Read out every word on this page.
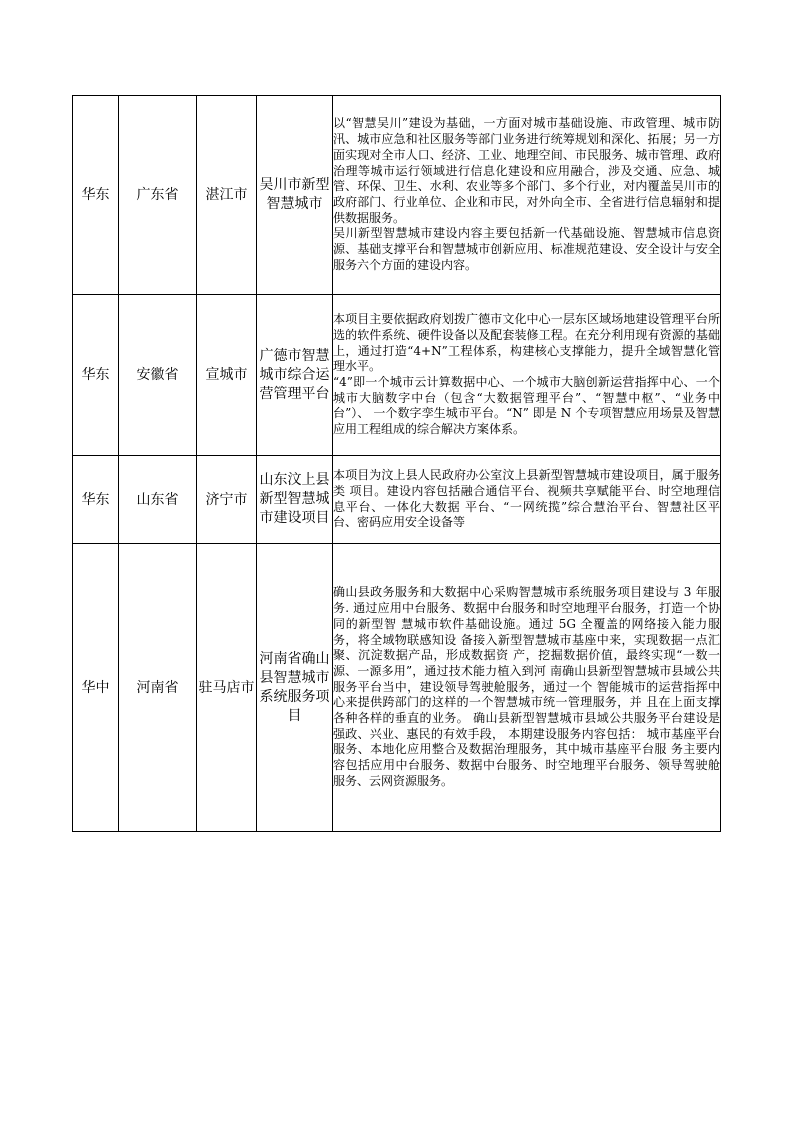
华东	广东省	湛江市	吴川市新型智慧城市	以“智慧吴川”建设为基础，一方面对城市基础设施、市政管理、城市防汛、城市应急和社区服务等部门业务进行统筹规划和深化、拓展；另一方面实现对全市人口、经济、工业、地理空间、市民服务、城市管理、政府治理等城市运行领域进行信息化建设和应用融合，涉及交通、应急、城管、环保、卫生、水利、农业等多个部门、多个行业，对内覆盖吴川市的政府部门、行业单位、企业和市民，对外向全市、全省进行信息辐射和提供数据服务。
吴川新型智慧城市建设内容主要包括新一代基础设施、智慧城市信息资源、基础支撑平台和智慧城市创新应用、标准规范建设、安全设计与安全服务六个方面的建设内容。
华东	安徽省	宣城市	广德市智慧城市综合运营管理平台	本项目主要依据政府划拨广德市文化中心一层东区域场地建设管理平台所选的软件系统、硬件设备以及配套装修工程。在充分利用现有资源的基础上，通过打造“4+N”工程体系，构建核心支撑能力，提升全域智慧化管理水平。
“4”即一个城市云计算数据中心、一个城市大脑创新运营指挥中心、一个城市大脑数字中台（包含“大数据管理平台”、“智慧中枢”、“业务中台”）、 一个数字孪生城市平台。“N” 即是 N 个专项智慧应用场景及智慧应用工程组成的综合解决方案体系。
华东	山东省	济宁市	山东汶上县新型智慧城市建设项目	本项目为汶上县人民政府办公室汶上县新型智慧城市建设项目，属于服务类 项目。建设内容包括融合通信平台、视频共享赋能平台、时空地理信息平台、一体化大数据 平台、“一网统揽”综合慧治平台、智慧社区平台、密码应用安全设备等
华中	河南省	驻马店市	河南省确山县智慧城市系统服务项目	确山县政务服务和大数据中心采购智慧城市系统服务项目建设与 3 年服务. 通过应用中台服务、数据中台服务和时空地理平台服务，打造一个协同的新型智 慧城市软件基础设施。通过 5G 全覆盖的网络接入能力服务，将全域物联感知设 备接入新型智慧城市基座中来，实现数据一点汇聚、沉淀数据产品，形成数据资 产，挖掘数据价值，最终实现“一数一源、一源多用”，通过技术能力植入到河 南确山县新型智慧城市县域公共服务平台当中，建设领导驾驶舱服务，通过一个 智能城市的运营指挥中心来提供跨部门的这样的一个智慧城市统一管理服务，并 且在上面支撑各种各样的垂直的业务。 确山县新型智慧城市县域公共服务平台建设是强政、兴业、惠民的有效手段， 本期建设服务内容包括： 城市基座平台服务、本地化应用整合及数据治理服务，其中城市基座平台服 务主要内容包括应用中台服务、数据中台服务、时空地理平台服务、领导驾驶舱 服务、云网资源服务。
